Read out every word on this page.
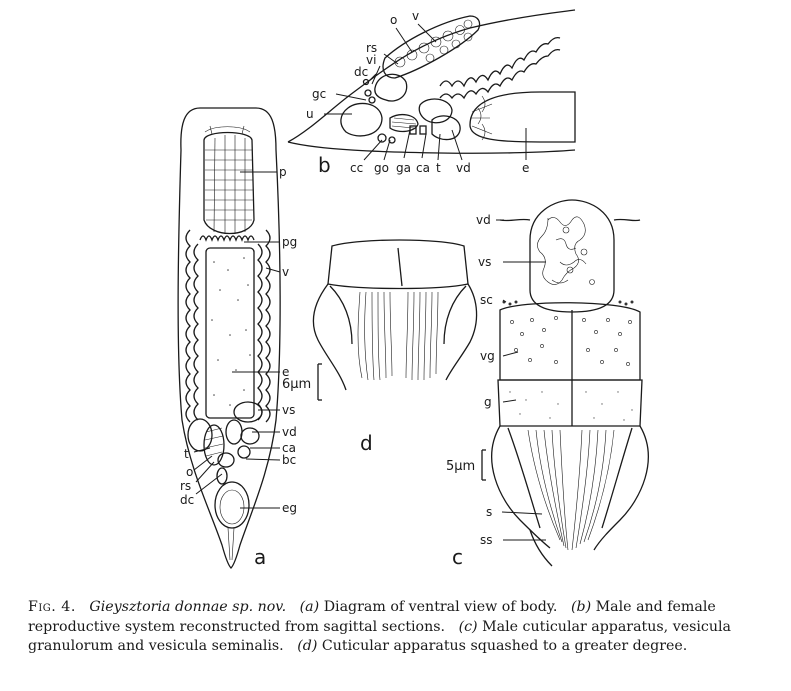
p
pg
v
e
vs
vd
ca
bc
eg
t
o
rs
dc
6µm
a
o v
rs
vi
dc
gc
u
cc go ga ca t vd	e
b
d
vd
vs
sc
vg
g
s
ss
5µm
c

Fig. 4. Gieysztoria donnae sp. nov. (a) Diagram of ventral view of body. (b) Male and female reproductive system reconstructed from sagittal sections. (c) Male cuticular apparatus, vesicula granulorum and vesicula seminalis. (d) Cuticular apparatus squashed to a greater degree.
